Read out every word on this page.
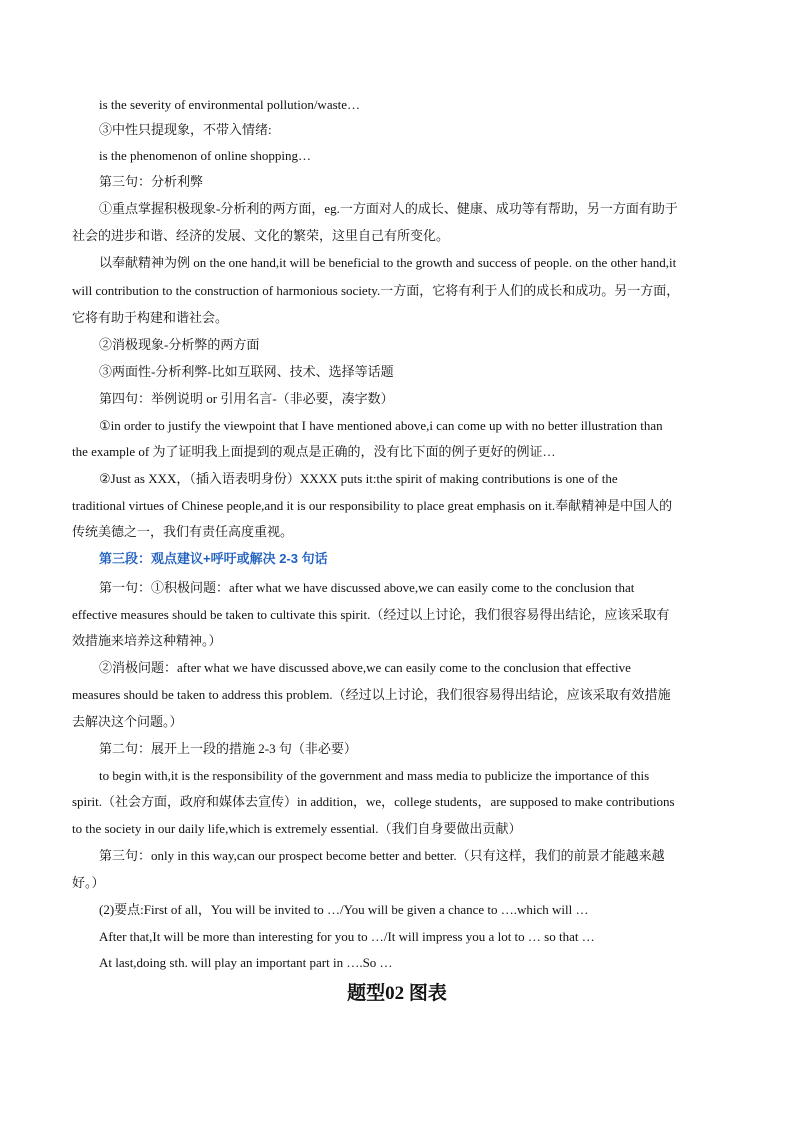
is the severity of environmental pollution/waste…
③中性只提现象，不带入情绪:
is the phenomenon of online shopping…
第三句：分析利弊
①重点掌握积极现象-分析利的两方面，eg.一方面对人的成长、健康、成功等有帮助，另一方面有助于
社会的进步和谐、经济的发展、文化的繁荣，这里自己有所变化。
以奉献精神为例 on the one hand,it will be beneficial to the growth and success of people. on the other hand,it
will contribution to the construction of harmonious society.一方面，它将有利于人们的成长和成功。另一方面，
它将有助于构建和谐社会。
②消极现象-分析弊的两方面
③两面性-分析利弊-比如互联网、技术、选择等话题
第四句：举例说明 or 引用名言-（非必要，凑字数）
①in order to justify the viewpoint that I have mentioned above,i can come up with no better illustration than
the example of 为了证明我上面提到的观点是正确的，没有比下面的例子更好的例证…
②Just as XXX，（插入语表明身份）XXXX puts it:the spirit of making contributions is one of the
traditional virtues of Chinese people,and it is our responsibility to place great emphasis on it.奉献精神是中国人的
传统美德之一，我们有责任高度重视。
第三段：观点建议+呼吁或解决 2-3 句话
第一句：①积极问题：after what we have discussed above,we can easily come to the conclusion that
effective measures should be taken to cultivate this spirit.（经过以上讨论，我们很容易得出结论，应该采取有
效措施来培养这种精神。）
②消极问题：after what we have discussed above,we can easily come to the conclusion that effective
measures should be taken to address this problem.（经过以上讨论，我们很容易得出结论，应该采取有效措施
去解决这个问题。）
第二句：展开上一段的措施 2-3 句（非必要）
to begin with,it is the responsibility of the government and mass media to publicize the importance of this
spirit.（社会方面，政府和媒体去宣传）in addition，we，college students，are supposed to make contributions
to the society in our daily life,which is extremely essential.（我们自身要做出贡献）
第三句：only in this way,can our prospect become better and better.（只有这样，我们的前景才能越来越
好。）
(2)要点:First of all，You will be invited to …/You will be given a chance to ….which will …
After that,It will be more than interesting for you to …/It will impress you a lot to … so that …
At last,doing sth. will play an important part in ….So …
题型02 图表
